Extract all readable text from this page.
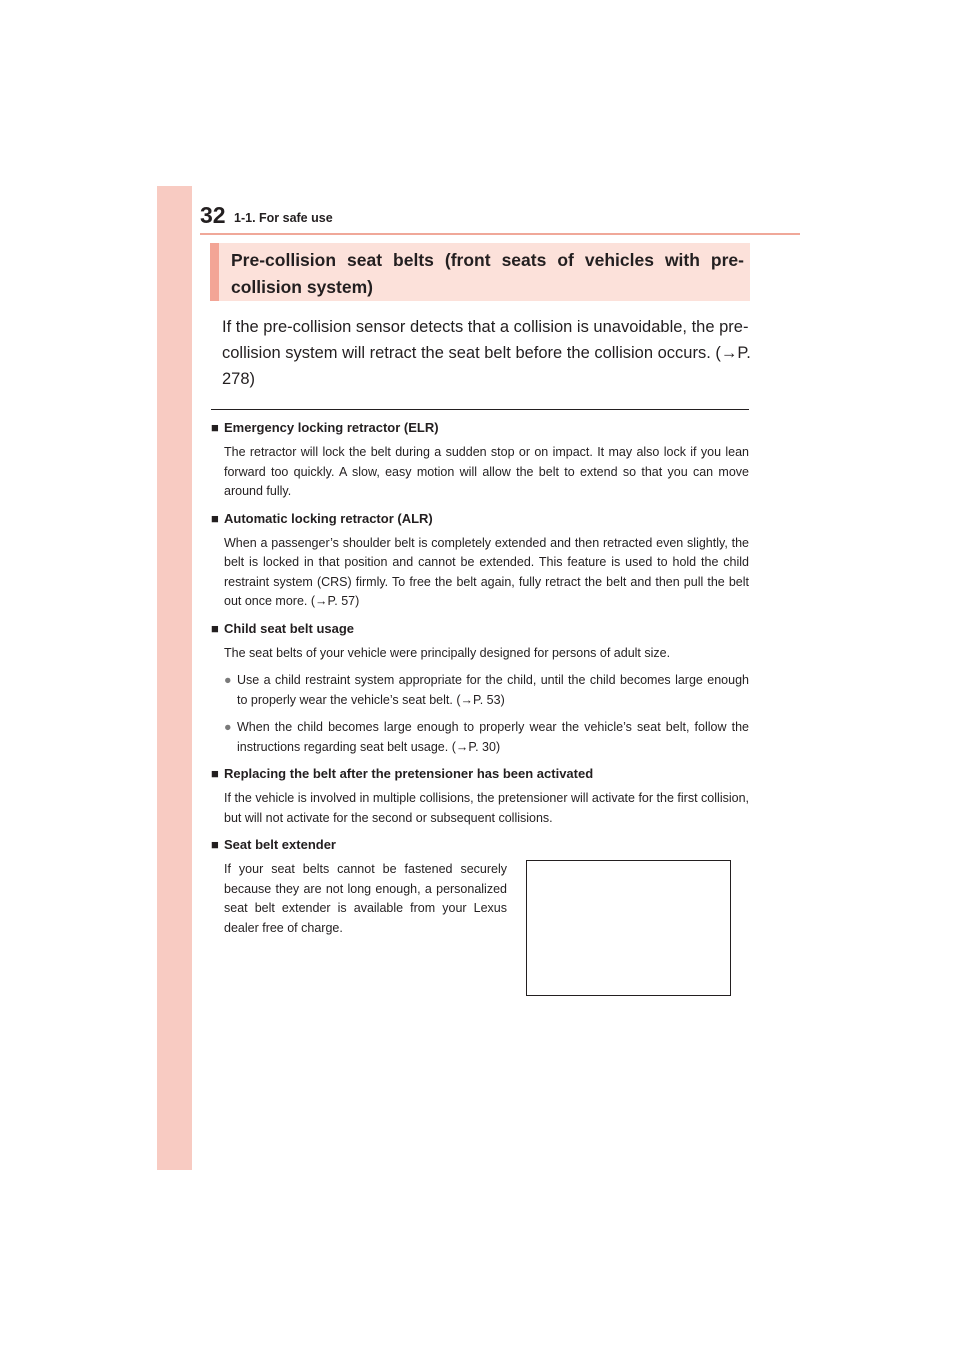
32 1-1. For safe use
Pre-collision seat belts (front seats of vehicles with pre-collision system)
If the pre-collision sensor detects that a collision is unavoidable, the pre-collision system will retract the seat belt before the collision occurs. (→P. 278)
■ Emergency locking retractor (ELR)
The retractor will lock the belt during a sudden stop or on impact. It may also lock if you lean forward too quickly. A slow, easy motion will allow the belt to extend so that you can move around fully.
■ Automatic locking retractor (ALR)
When a passenger’s shoulder belt is completely extended and then retracted even slightly, the belt is locked in that position and cannot be extended. This feature is used to hold the child restraint system (CRS) firmly. To free the belt again, fully retract the belt and then pull the belt out once more. (→P. 57)
■ Child seat belt usage
The seat belts of your vehicle were principally designed for persons of adult size.
● Use a child restraint system appropriate for the child, until the child becomes large enough to properly wear the vehicle’s seat belt. (→P. 53)
● When the child becomes large enough to properly wear the vehicle’s seat belt, follow the instructions regarding seat belt usage. (→P. 30)
■ Replacing the belt after the pretensioner has been activated
If the vehicle is involved in multiple collisions, the pretensioner will activate for the first collision, but will not activate for the second or subsequent collisions.
■ Seat belt extender
If your seat belts cannot be fastened securely because they are not long enough, a personalized seat belt extender is available from your Lexus dealer free of charge.
